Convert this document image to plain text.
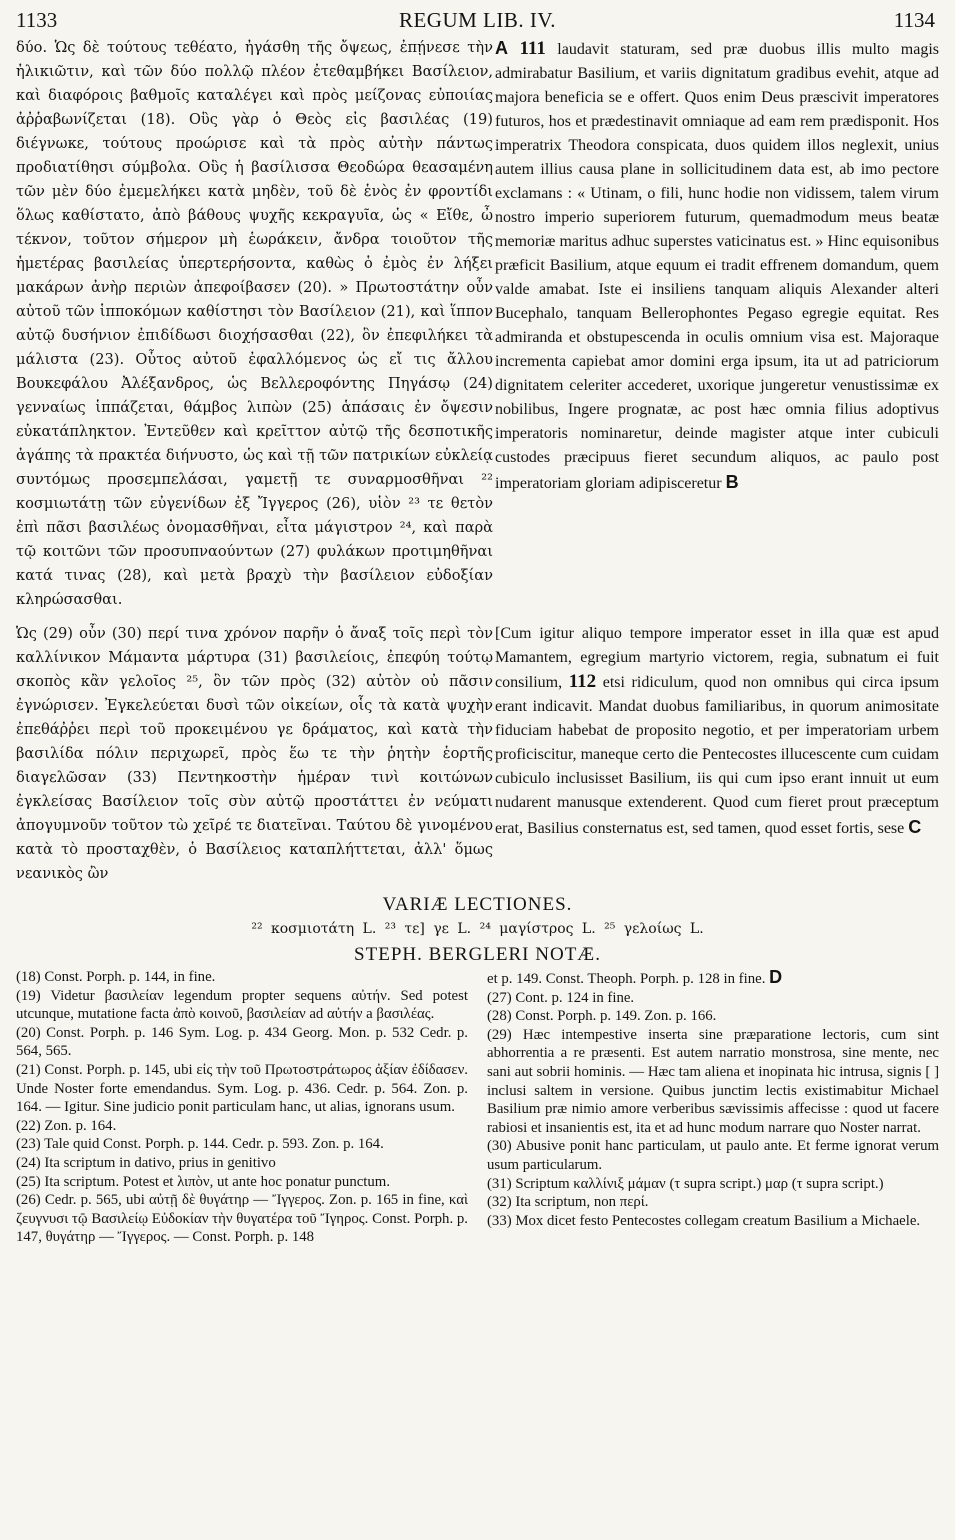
1133	REGUM LIB. IV.	1134
δύο. Ὡς δὲ τούτους τεθέατο, ἠγάσθη τῆς ὄψεως, ἐπῄνεσε τὴν ἡλικιῶτιν, καὶ τῶν δύο πολλῷ πλέον ἐτεθαμβήκει Βασίλειον, καὶ διαφόροις βαθμοῖς καταλέγει καὶ πρὸς μείζονας εὐποιίας ἀῤῥαβωνίζεται (18). Οὓς γὰρ ὁ Θεὸς εἰς βασιλέας (19) διέγνωκε, τούτους προώρισε καὶ τὰ πρὸς αὐτὴν πάντως προδιατίθησι σύμβολα. Οὓς ἡ βασίλισσα Θεοδώρα θεασαμένη τῶν μὲν δύο ἐμεμελήκει κατὰ μηδὲν, τοῦ δὲ ἑνὸς ἐν φροντίδι ὅλως καθίστατο, ἀπὸ βάθους ψυχῆς κεκραγυῖα, ὡς « Εἴθε, ὦ τέκνον, τοῦτον σήμερον μὴ ἑωράκειν, ἄνδρα τοιοῦτον τῆς ἡμετέρας βασιλείας ὑπερτερήσοντα, καθὼς ὁ ἐμὸς ἐν λήξει μακάρων ἀνὴρ περιὼν ἀπεφοίβασεν (20). » Πρωτοστάτην οὖν αὐτοῦ τῶν ἱπποκόμων καθίστησι τὸν Βασίλειον (21), καὶ ἵππον αὐτῷ δυσήνιον ἐπιδίδωσι διοχήσασθαι (22), ὃν ἐπεφιλήκει τὰ μάλιστα (23). Οὗτος αὐτοῦ ἐφαλλόμενος ὡς εἴ τις ἄλλου Βουκεφάλου Ἀλέξανδρος, ὡς Βελλεροφόντης Πηγάσῳ (24) γενναίως ἱππάζεται, θάμβος λιπὼν (25) ἁπάσαις ἐν ὄψεσιν εὐκατάπληκτον. Ἐντεῦθεν καὶ κρεῖττον αὐτῷ τῆς δεσποτικῆς ἀγάπης τὰ πρακτέα διήνυστο, ὡς καὶ τῇ τῶν πατρικίων εὐκλείᾳ συντόμως προσεμπελάσαι, γαμετῇ τε συναρμοσθῆναι ²² κοσμιωτάτῃ τῶν εὐγενίδων ἐξ Ἴγγερος (26), υἱὸν ²³ τε θετὸν ἐπὶ πᾶσι βασιλέως ὀνομασθῆναι, εἶτα μάγιστρον ²⁴, καὶ παρὰ τῷ κοιτῶνι τῶν προσυπναούντων (27) φυλάκων προτιμηθῆναι κατά τινας (28), καὶ μετὰ βραχὺ τὴν βασίλειον εὐδοξίαν κληρώσασθαι.
A 111 laudavit staturam, sed præ duobus illis multo magis admirabatur Basilium, et variis dignitatum gradibus evehit, atque ad majora beneficia se e offert. Quos enim Deus præscivit imperatores futuros, hos et prædestinavit omniaque ad eam rem prædisponit. Hos imperatrix Theodora conspicata, duos quidem illos neglexit, unius autem illius causa plane in sollicitudinem data est, ab imo pectore exclamans : « Utinam, o fili, hunc hodie non vidissem, talem virum nostro imperio superiorem futurum, quemadmodum meus beatæ memoriæ maritus adhuc superstes vaticinatus est. » Hinc equisonibus præficit Basilium, atque equum ei tradit effrenem domandum, quem valde amabat. Iste ei insiliens tanquam aliquis Alexander alteri Bucephalo, tanquam Bellerophontes Pegaso egregie equitat. Res admiranda et obstupescenda in oculis omnium visa est. Majoraque incrementa capiebat amor domini erga ipsum, ita ut ad patriciorum dignitatem celeriter accederet, uxorique jungeretur venustissimæ ex nobilibus, Ingere prognatæ, ac post hæc omnia filius adoptivus imperatoris nominaretur, deinde magister atque inter cubiculi custodes præcipuus fieret secundum aliquos, ac paulo post imperatoriam gloriam adipisceretur B
Ὡς (29) οὖν (30) περί τινα χρόνον παρῆν ὁ ἄναξ τοῖς περὶ τὸν καλλίνικον Μάμαντα μάρτυρα (31) βασιλείοις, ἐπεφύη τούτῳ σκοπὸς κἂν γελοῖος ²⁵, ὃν τῶν πρὸς (32) αὐτὸν οὐ πᾶσιν ἐγνώρισεν. Ἐγκελεύεται δυσὶ τῶν οἰκείων, οἷς τὰ κατὰ ψυχὴν ἐπεθάῤῥει περὶ τοῦ προκειμένου γε δράματος, καὶ κατὰ τὴν βασιλίδα πόλιν περιχωρεῖ, πρὸς ἕω τε τὴν ῥητὴν ἑορτῆς διαγελῶσαν (33) Πεντηκοστὴν ἡμέραν τινὶ κοιτώνων ἐγκλείσας Βασίλειον τοῖς σὺν αὐτῷ προστάττει ἐν νεύματι ἀπογυμνοῦν τοῦτον τὼ χεῖρέ τε διατεῖναι. Ταύτου δὲ γινομένου κατὰ τὸ προσταχθὲν, ὁ Βασίλειος καταπλήττεται, ἀλλ' ὅμως νεανικὸς ὢν
[Cum igitur aliquo tempore imperator esset in illa quæ est apud Mamantem, egregium martyrio victorem, regia, subnatum ei fuit consilium, 112 etsi ridiculum, quod non omnibus qui circa ipsum erant indicavit. Mandat duobus familiaribus, in quorum animositate fiduciam habebat de proposito negotio, et per imperatoriam urbem proficiscitur, maneque certo die Pentecostes illucescente cum cuidam cubiculo inclusisset Basilium, iis qui cum ipso erant innuit ut eum nudarent manusque extenderent. Quod cum fieret prout præceptum erat, Basilius consternatus est, sed tamen, quod esset fortis, sese C
VARIÆ LECTIONES.
²² κοσμιοτάτη L. ²³ τε] γε L. ²⁴ μαγίστρος L. ²⁵ γελοίως L.
STEPH. BERGLERI NOTÆ.

(18) Const. Porph. p. 144, in fine.

(19) Videtur βασιλείαν legendum propter sequens αὐτήν. Sed potest utcunque, mutatione facta ἀπὸ κοινοῦ, βασιλείαν ad αὐτήν a βασιλέας.

(20) Const. Porph. p. 146 Sym. Log. p. 434 Georg. Mon. p. 532 Cedr. p. 564, 565.

(21) Const. Porph. p. 145, ubi εἰς τὴν τοῦ Πρωτοστράτωρος ἀξίαν ἐδίδασεν. Unde Noster forte emendandus. Sym. Log. p. 436. Cedr. p. 564. Zon. p. 164. — Igitur. Sine judicio ponit particulam hanc, ut alias, ignorans usum.

(22) Zon. p. 164.

(23) Tale quid Const. Porph. p. 144. Cedr. p. 593. Zon. p. 164.

(24) Ita scriptum in dativo, prius in genitivo

(25) Ita scriptum. Potest et λιπὸν, ut ante hoc ponatur punctum.

(26) Cedr. p. 565, ubi αὐτῇ δὲ θυγάτηρ — Ἴγγερος. Zon. p. 165 in fine, καὶ ζευγνυσι τῷ Βασιλείῳ Εὐδοκίαν τὴν θυγατέρα τοῦ Ἴγηρος. Const. Porph. p. 147, θυγάτηρ — Ἴγγερος. — Const. Porph. p. 148

et p. 149. Const. Theoph. Porph. p. 128 in fine. D

(27) Cont. p. 124 in fine.

(28) Const. Porph. p. 149. Zon. p. 166.

(29) Hæc intempestive inserta sine præparatione lectoris, cum sint abhorrentia a re præsenti. Est autem narratio monstrosa, sine mente, nec sani aut sobrii hominis. — Hæc tam aliena et inopinata hic intrusa, signis [ ] inclusi saltem in versione. Quibus junctim lectis existimabitur Michael Basilium præ nimio amore verberibus sævissimis affecisse : quod ut facere rabiosi et insanientis est, ita et ad hunc modum narrare quo Noster narrat.

(30) Abusive ponit hanc particulam, ut paulo ante. Et ferme ignorat verum usum particularum.

(31) Scriptum καλλίνιξ μάμαν (τ supra script.) μαρ (τ supra script.)

(32) Ita scriptum, non περί.

(33) Mox dicet festo Pentecostes collegam creatum Basilium a Michaele.
